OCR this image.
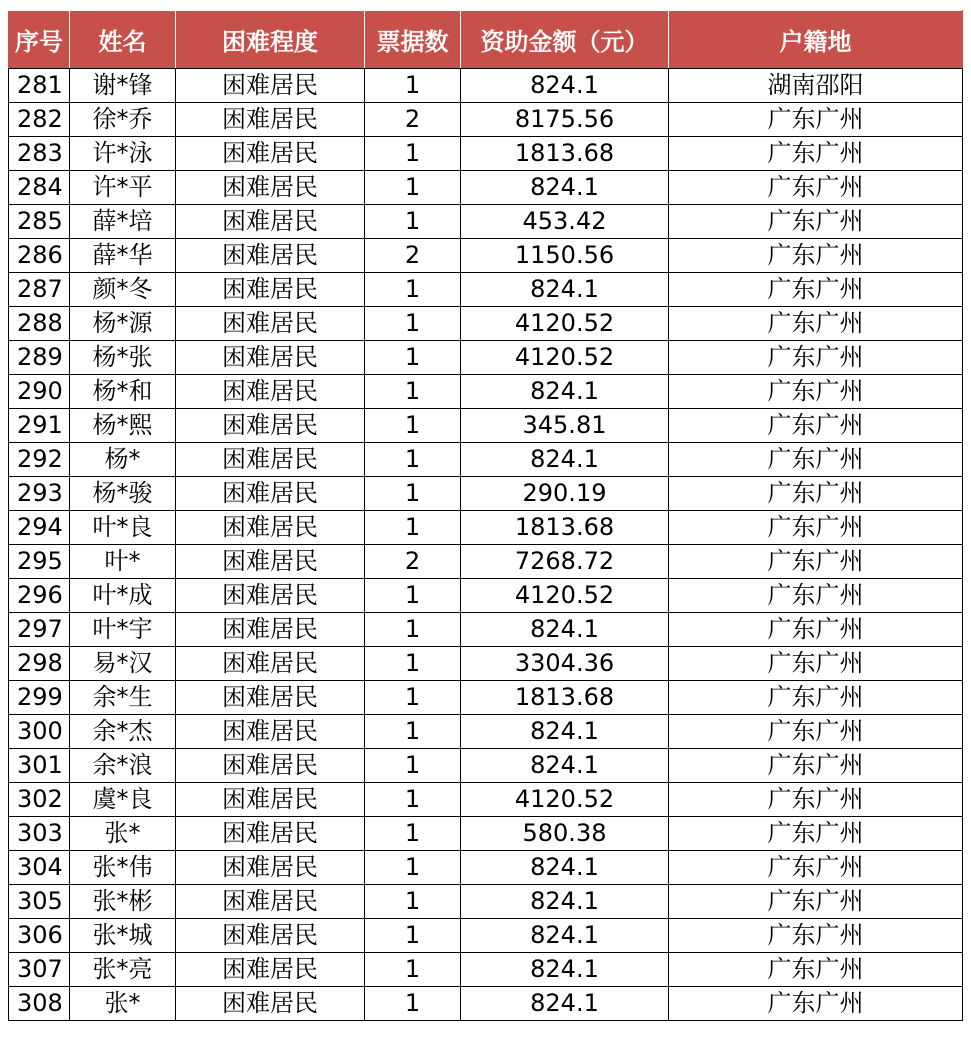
序号	姓名	困难程度	票据数	资助金额（元）	户籍地
281	谢*锋	困难居民	1	824.1	湖南邵阳
282	徐*乔	困难居民	2	8175.56	广东广州
283	许*泳	困难居民	1	1813.68	广东广州
284	许*平	困难居民	1	824.1	广东广州
285	薛*培	困难居民	1	453.42	广东广州
286	薛*华	困难居民	2	1150.56	广东广州
287	颜*冬	困难居民	1	824.1	广东广州
288	杨*源	困难居民	1	4120.52	广东广州
289	杨*张	困难居民	1	4120.52	广东广州
290	杨*和	困难居民	1	824.1	广东广州
291	杨*熙	困难居民	1	345.81	广东广州
292	杨*	困难居民	1	824.1	广东广州
293	杨*骏	困难居民	1	290.19	广东广州
294	叶*良	困难居民	1	1813.68	广东广州
295	叶*	困难居民	2	7268.72	广东广州
296	叶*成	困难居民	1	4120.52	广东广州
297	叶*宇	困难居民	1	824.1	广东广州
298	易*汉	困难居民	1	3304.36	广东广州
299	余*生	困难居民	1	1813.68	广东广州
300	余*杰	困难居民	1	824.1	广东广州
301	余*浪	困难居民	1	824.1	广东广州
302	虞*良	困难居民	1	4120.52	广东广州
303	张*	困难居民	1	580.38	广东广州
304	张*伟	困难居民	1	824.1	广东广州
305	张*彬	困难居民	1	824.1	广东广州
306	张*城	困难居民	1	824.1	广东广州
307	张*亮	困难居民	1	824.1	广东广州
308	张*	困难居民	1	824.1	广东广州
